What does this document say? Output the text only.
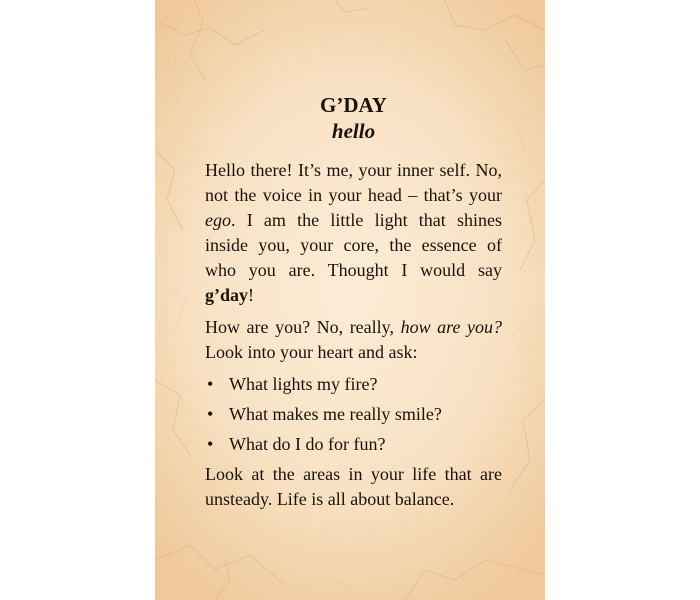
G’DAY
hello

Hello there! It’s me, your inner self. No, not the voice in your head – that’s your ego. I am the little light that shines inside you, your core, the essence of who you are. Thought I would say g’day!

How are you? No, really, how are you? Look into your heart and ask:

• What lights my fire?
• What makes me really smile?
• What do I do for fun?

Look at the areas in your life that are unsteady. Life is all about balance.
